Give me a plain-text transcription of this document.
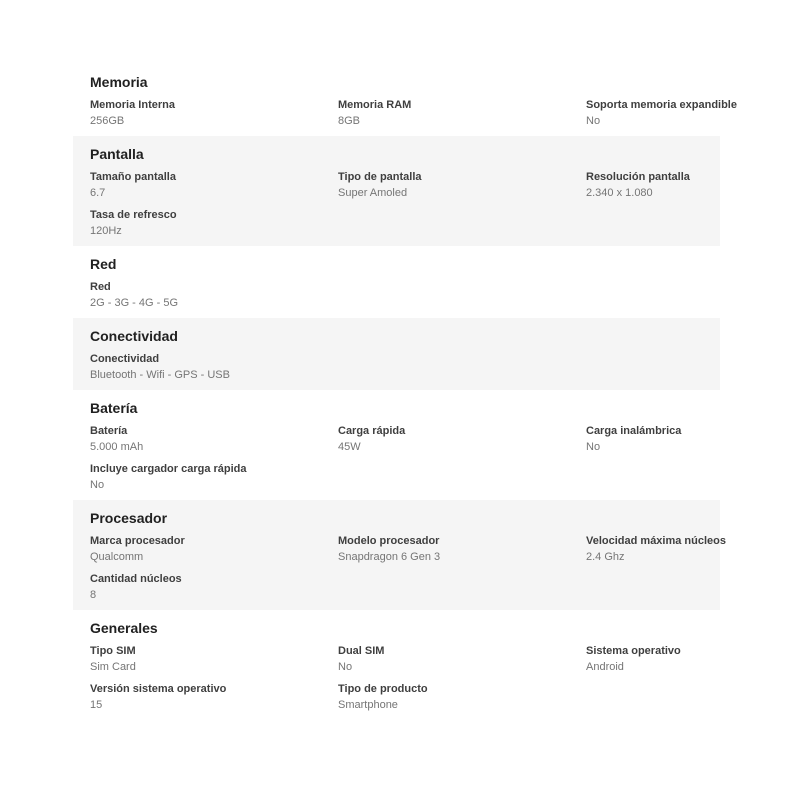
Memoria
Memoria Interna
256GB
Memoria RAM
8GB
Soporta memoria expandible
No
Pantalla
Tamaño pantalla
6.7
Tipo de pantalla
Super Amoled
Resolución pantalla
2.340 x 1.080
Tasa de refresco
120Hz
Red
Red
2G - 3G - 4G - 5G
Conectividad
Conectividad
Bluetooth - Wifi - GPS - USB
Batería
Batería
5.000 mAh
Carga rápida
45W
Carga inalámbrica
No
Incluye cargador carga rápida
No
Procesador
Marca procesador
Qualcomm
Modelo procesador
Snapdragon 6 Gen 3
Velocidad máxima núcleos
2.4 Ghz
Cantidad núcleos
8
Generales
Tipo SIM
Sim Card
Dual SIM
No
Sistema operativo
Android
Versión sistema operativo
15
Tipo de producto
Smartphone
